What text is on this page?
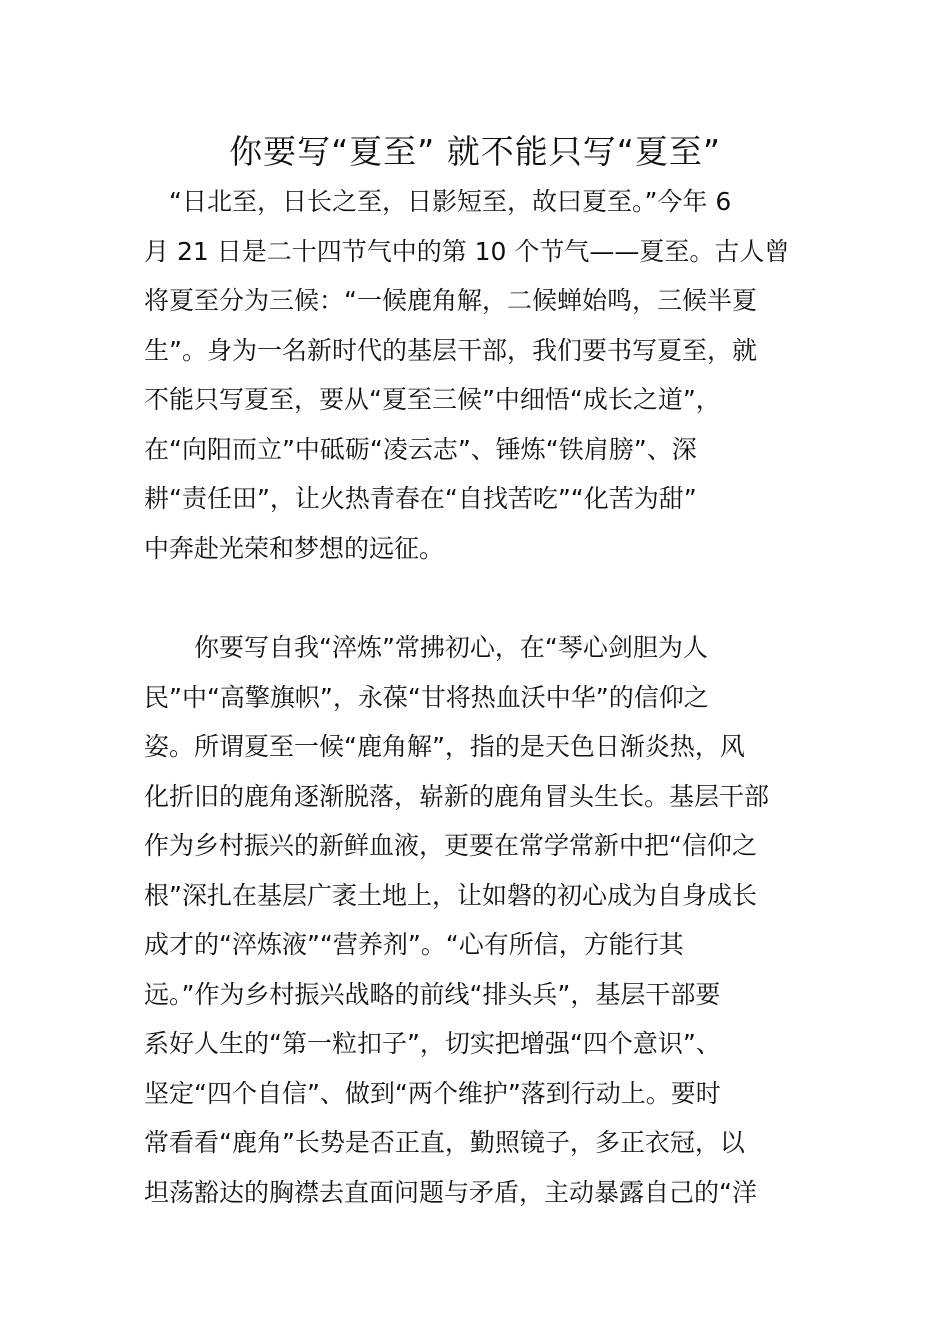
你要写“夏至” 就不能只写“夏至”
　“日北至，日长之至，日影短至，故曰夏至。”今年 6
月 21 日是二十四节气中的第 10 个节气——夏至。古人曾
将夏至分为三候：“一候鹿角解，二候蝉始鸣，三候半夏
生”。身为一名新时代的基层干部，我们要书写夏至，就
不能只写夏至，要从“夏至三候”中细悟“成长之道”，
在“向阳而立”中砥砺“凌云志”、锤炼“铁肩膀”、深
耕“责任田”，让火热青春在“自找苦吃”“化苦为甜”
中奔赴光荣和梦想的远征。
　　你要写自我“淬炼”常拂初心，在“琴心剑胆为人
民”中“高擎旗帜”，永葆“甘将热血沃中华”的信仰之
姿。所谓夏至一候“鹿角解”，指的是天色日渐炎热，风
化折旧的鹿角逐渐脱落，崭新的鹿角冒头生长。基层干部
作为乡村振兴的新鲜血液，更要在常学常新中把“信仰之
根”深扎在基层广袤土地上，让如磐的初心成为自身成长
成才的“淬炼液”“营养剂”。“心有所信，方能行其
远。”作为乡村振兴战略的前线“排头兵”，基层干部要
系好人生的“第一粒扣子”，切实把增强“四个意识”、
坚定“四个自信”、做到“两个维护”落到行动上。要时
常看看“鹿角”长势是否正直，勤照镜子，多正衣冠，以
坦荡豁达的胸襟去直面问题与矛盾，主动暴露自己的“洋
